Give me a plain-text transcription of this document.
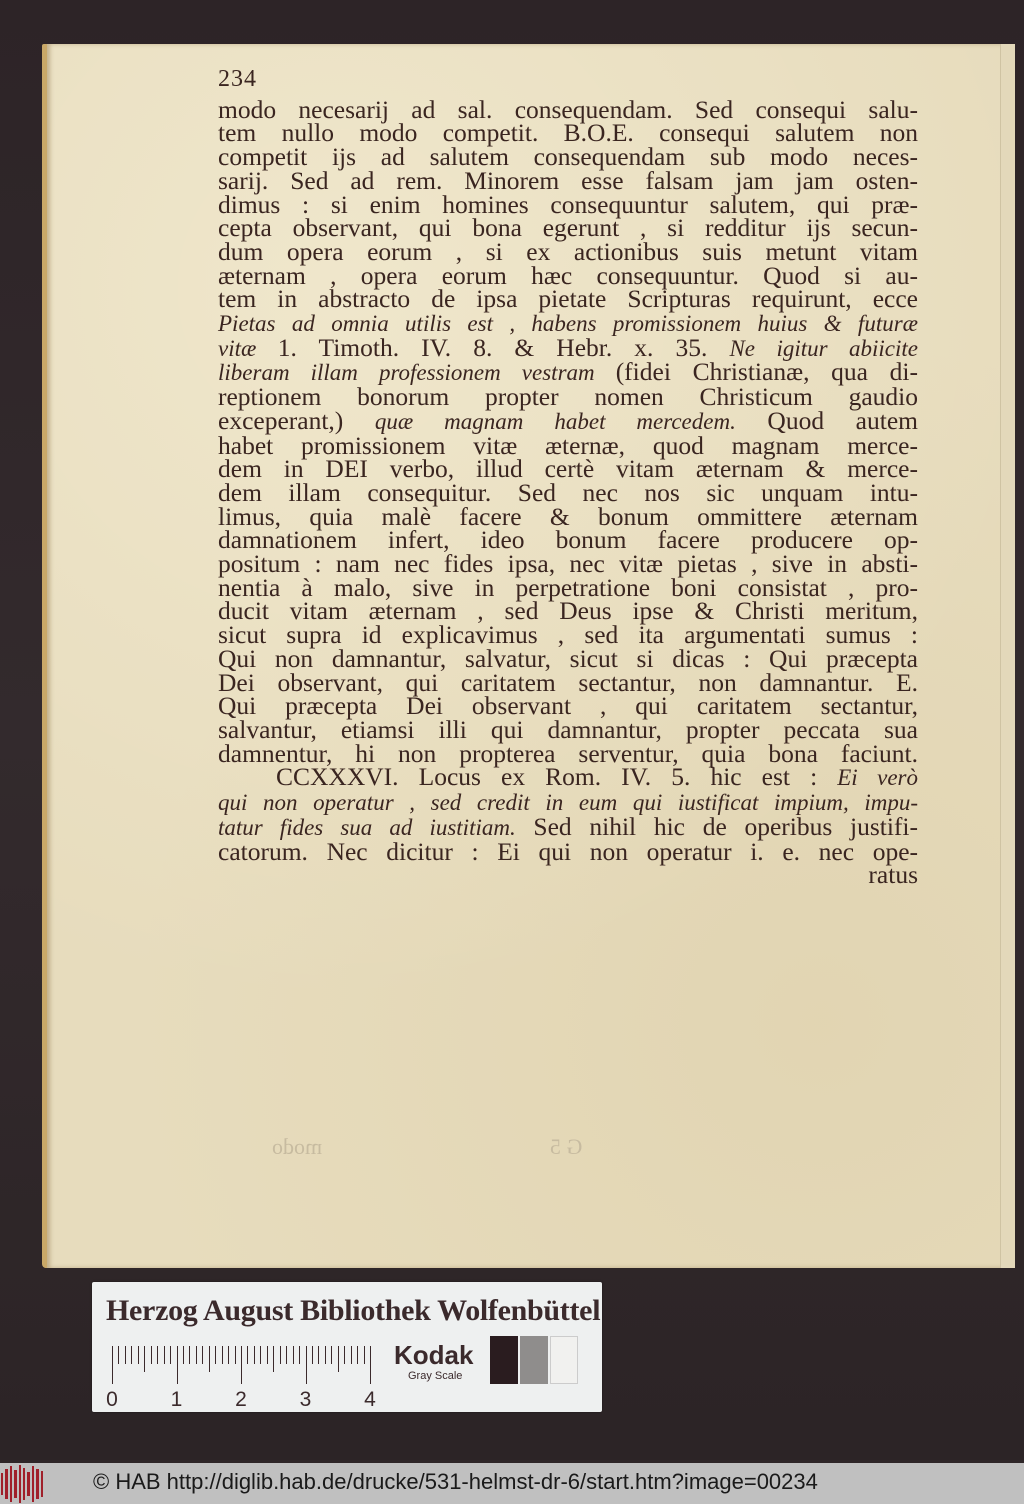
234

modo necesarij ad sal. consequendam. Sed consequi salu-
tem nullo modo competit. B.O.E. consequi salutem non
competit ijs ad salutem consequendam sub modo neces-
sarij. Sed ad rem. Minorem esse falsam jam jam osten-
dimus : si enim homines consequuntur salutem, qui præ-
cepta observant, qui bona egerunt , si redditur ijs secun-
dum opera eorum , si ex actionibus suis metunt vitam
æternam , opera eorum hæc consequuntur. Quod si au-
tem in abstracto de ipsa pietate Scripturas requirunt, ecce
Pietas ad omnia utilis est , habens promissionem huius & futuræ
vitæ 1. Timoth. IV. 8. & Hebr. x. 35. Ne igitur abiicite
liberam illam professionem vestram (fidei Christianæ, qua di-
reptionem bonorum propter nomen Christicum gaudio
exceperant,) quæ magnam habet mercedem. Quod autem
habet promissionem vitæ æternæ, quod magnam merce-
dem in DEI verbo, illud certè vitam æternam & merce-
dem illam consequitur. Sed nec nos sic unquam intu-
limus, quia malè facere & bonum ommittere æternam
damnationem infert, ideo bonum facere producere op-
positum : nam nec fides ipsa, nec vitæ pietas , sive in absti-
nentia à malo, sive in perpetratione boni consistat , pro-
ducit vitam æternam , sed Deus ipse & Christi meritum,
sicut supra id explicavimus , sed ita argumentati sumus :
Qui non damnantur, salvatur, sicut si dicas : Qui præcepta
Dei observant, qui caritatem sectantur, non damnantur. E.
Qui præcepta Dei observant , qui caritatem sectantur,
salvantur, etiamsi illi qui damnantur, propter peccata sua
damnentur, hi non propterea serventur, quia bona faciunt.
CCXXXVI. Locus ex Rom. IV. 5. hic est : Ei verò
qui non operatur , sed credit in eum qui iustificat impium, impu-
tatur fides sua ad iustitiam. Sed nihil hic de operibus justifi-
catorum. Nec dicitur : Ei qui non operatur i. e. nec ope-
ratus
modo	G 5
Herzog August Bibliothek Wolfenbüttel
0	1	2	3	4
Kodak
Gray Scale
© HAB http://diglib.hab.de/drucke/531-helmst-dr-6/start.htm?image=00234
